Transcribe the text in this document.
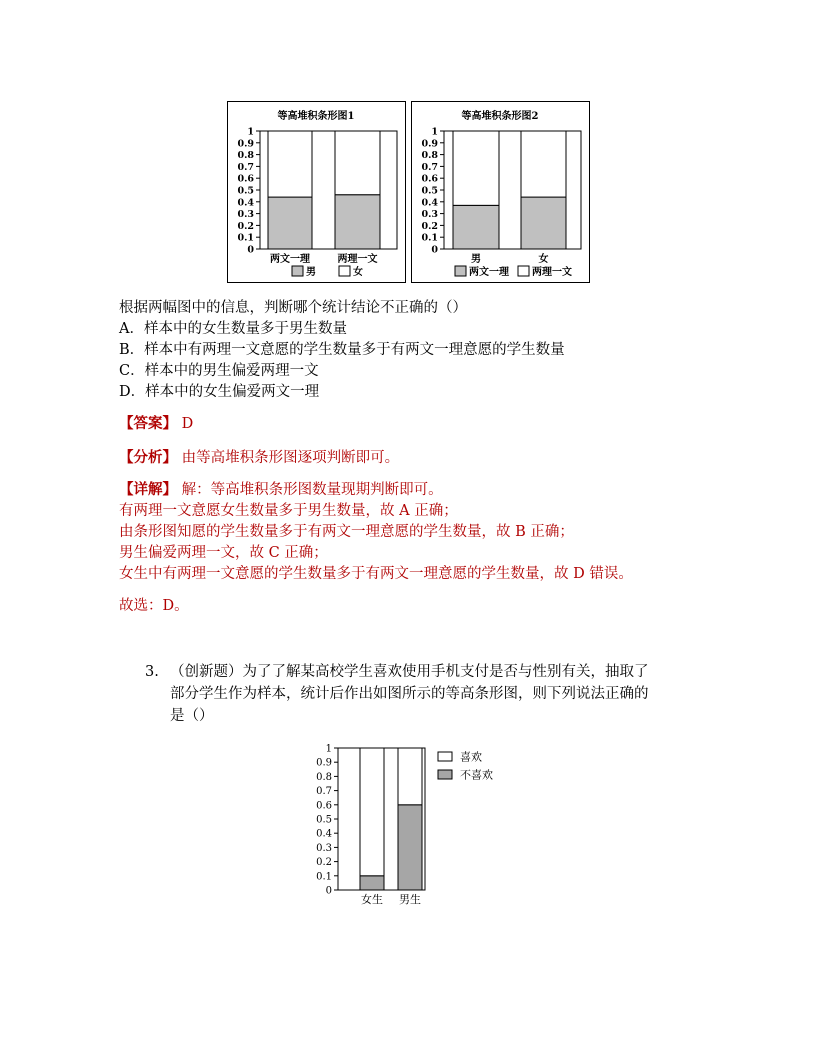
等高堆积条形图1
0
0.1
0.2
0.3
0.4
0.5
0.6
0.7
0.8
0.9
1
两文一理	两理一文
男	女
等高堆积条形图2
0
0.1
0.2
0.3
0.4
0.5
0.6
0.7
0.8
0.9
1
男	女
两文一理 两理一文
根据两幅图中的信息，判断哪个统计结论不正确的（）
A．样本中的女生数量多于男生数量
B．样本中有两理一文意愿的学生数量多于有两文一理意愿的学生数量
C．样本中的男生偏爱两理一文
D．样本中的女生偏爱两文一理
【答案】 D
【分析】 由等高堆积条形图逐项判断即可。
【详解】 解：等高堆积条形图数量现期判断即可。
有两理一文意愿女生数量多于男生数量，故 A 正确；
由条形图知愿的学生数量多于有两文一理意愿的学生数量，故 B 正确；
男生偏爱两理一文，故 C 正确；
女生中有两理一文意愿的学生数量多于有两文一理意愿的学生数量，故 D 错误。
故选：D。
3. （创新题）为了了解某高校学生喜欢使用手机支付是否与性别有关，抽取了
部分学生作为样本，统计后作出如图所示的等高条形图，则下列说法正确的
是（）
0
0.1
0.2
0.3
0.4
0.5
0.6
0.7
0.8
0.9
1
女生 男生
喜欢
不喜欢
